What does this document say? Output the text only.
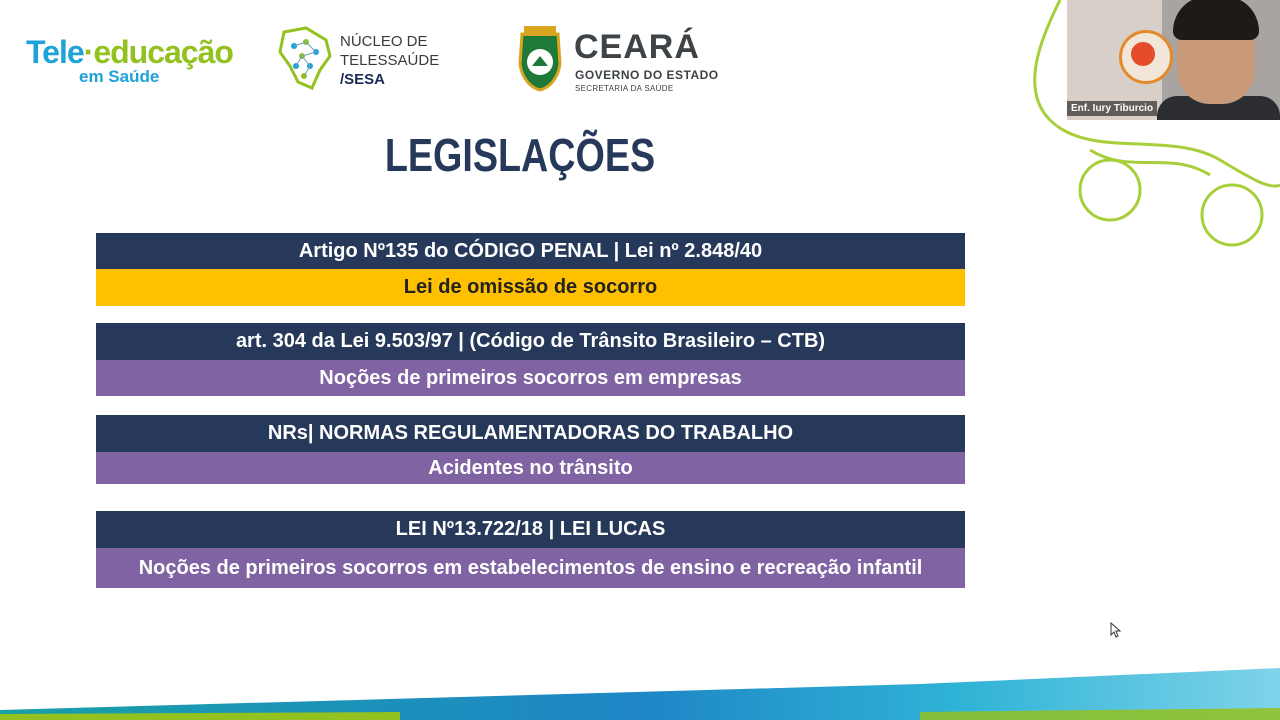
Tele·educação
em Saúde
NÚCLEO DE
TELESSAÚDE
/SESA
CEARÁ
GOVERNO DO ESTADO
SECRETARIA DA SAÚDE
LEGISLAÇÕES
Artigo Nº135 do CÓDIGO PENAL | Lei nº 2.848/40
Lei de omissão de socorro
art. 304 da Lei 9.503/97 | (Código de Trânsito Brasileiro – CTB)
Noções de primeiros socorros em empresas
NRs| NORMAS REGULAMENTADORAS DO TRABALHO
Acidentes no trânsito
LEI Nº13.722/18 | LEI LUCAS
Noções de primeiros socorros em estabelecimentos de ensino e recreação infantil
Enf. Iury Tiburcio
